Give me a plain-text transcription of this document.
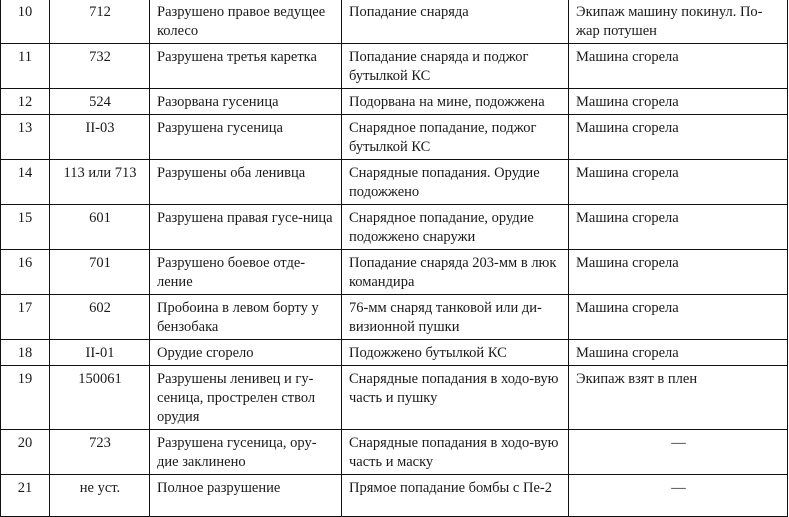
10	712	Разрушено правое ведущее колесо	Попадание снаряда	Экипаж машину покинул. По-жар потушен
11	732	Разрушена третья каретка	Попадание снаряда и поджог бутылкой КС	Машина сгорела
12	524	Разорвана гусеница	Подорвана на мине, подожжена	Машина сгорела
13	II-03	Разрушена гусеница	Снарядное попадание, поджог бутылкой КС	Машина сгорела
14	113 или 713	Разрушены оба ленивца	Снарядные попадания. Орудие подожжено	Машина сгорела
15	601	Разрушена правая гусе-ница	Снарядное попадание, орудие подожжено снаружи	Машина сгорела
16	701	Разрушено боевое отде-ление	Попадание снаряда 203-мм в люк командира	Машина сгорела
17	602	Пробоина в левом борту у бензобака	76-мм снаряд танковой или ди-визионной пушки	Машина сгорела
18	II-01	Орудие сгорело	Подожжено бутылкой КС	Машина сгорела
19	150061	Разрушены ленивец и гу-сеница, прострелен ствол орудия	Снарядные попадания в ходо-вую часть и пушку	Экипаж взят в плен
20	723	Разрушена гусеница, ору-дие заклинено	Снарядные попадания в ходо-вую часть и маску	—
21	не уст.	Полное разрушение	Прямое попадание бомбы с Пе-2	—
